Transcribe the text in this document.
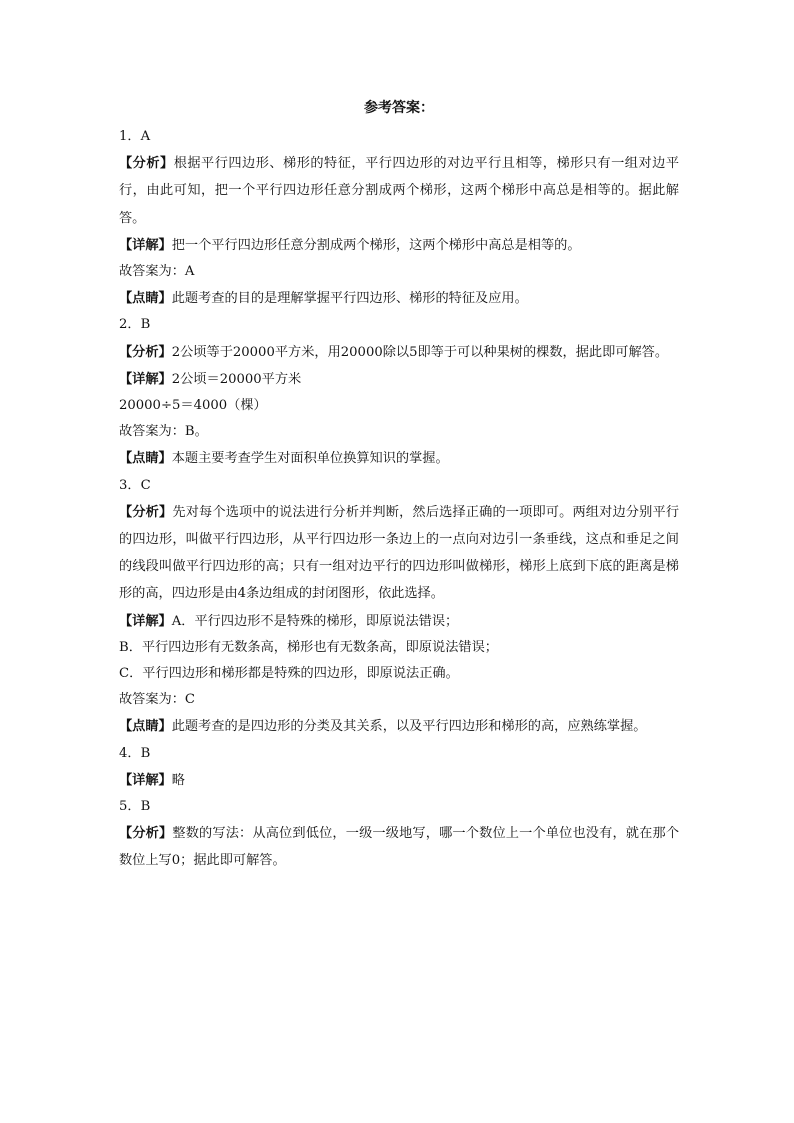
参考答案：
1．A
【分析】根据平行四边形、梯形的特征，平行四边形的对边平行且相等，梯形只有一组对边平行，由此可知，把一个平行四边形任意分割成两个梯形，这两个梯形中高总是相等的。据此解答。
【详解】把一个平行四边形任意分割成两个梯形，这两个梯形中高总是相等的。
故答案为：A
【点睛】此题考查的目的是理解掌握平行四边形、梯形的特征及应用。
2．B
【分析】2公顷等于20000平方米，用20000除以5即等于可以种果树的棵数，据此即可解答。
【详解】2公顷＝20000平方米
20000÷5＝4000（棵）
故答案为：B。
【点睛】本题主要考查学生对面积单位换算知识的掌握。
3．C
【分析】先对每个选项中的说法进行分析并判断，然后选择正确的一项即可。两组对边分别平行的四边形，叫做平行四边形，从平行四边形一条边上的一点向对边引一条垂线，这点和垂足之间的线段叫做平行四边形的高；只有一组对边平行的四边形叫做梯形，梯形上底到下底的距离是梯形的高，四边形是由4条边组成的封闭图形，依此选择。
【详解】A．平行四边形不是特殊的梯形，即原说法错误；
B．平行四边形有无数条高，梯形也有无数条高，即原说法错误；
C．平行四边形和梯形都是特殊的四边形，即原说法正确。
故答案为：C
【点睛】此题考查的是四边形的分类及其关系，以及平行四边形和梯形的高，应熟练掌握。
4．B
【详解】略
5．B
【分析】整数的写法：从高位到低位，一级一级地写，哪一个数位上一个单位也没有，就在那个数位上写0；据此即可解答。
